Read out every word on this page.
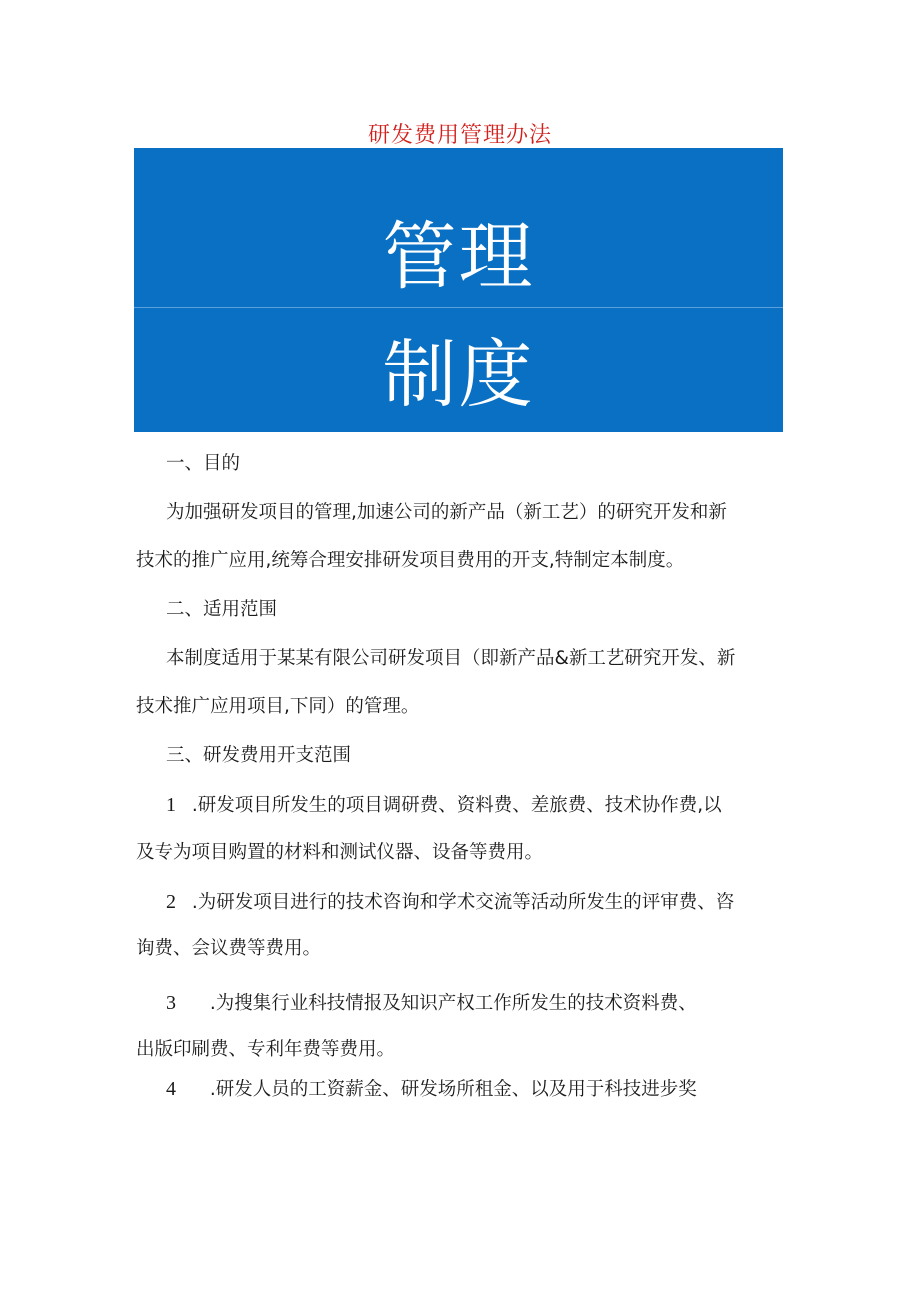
研发费用管理办法
管理
制度
一、目的
为加强研发项目的管理,加速公司的新产品（新工艺）的研究开发和新
技术的推广应用,统筹合理安排研发项目费用的开支,特制定本制度。
二、适用范围
本制度适用于某某有限公司研发项目（即新产品&新工艺研究开发、新
技术推广应用项目,下同）的管理。
三、研发费用开支范围
1 .研发项目所发生的项目调研费、资料费、差旅费、技术协作费,以
及专为项目购置的材料和测试仪器、设备等费用。
2 .为研发项目进行的技术咨询和学术交流等活动所发生的评审费、咨
询费、会议费等费用。
3 .为搜集行业科技情报及知识产权工作所发生的技术资料费、
出版印刷费、专利年费等费用。
4 .研发人员的工资薪金、研发场所租金、以及用于科技进步奖
